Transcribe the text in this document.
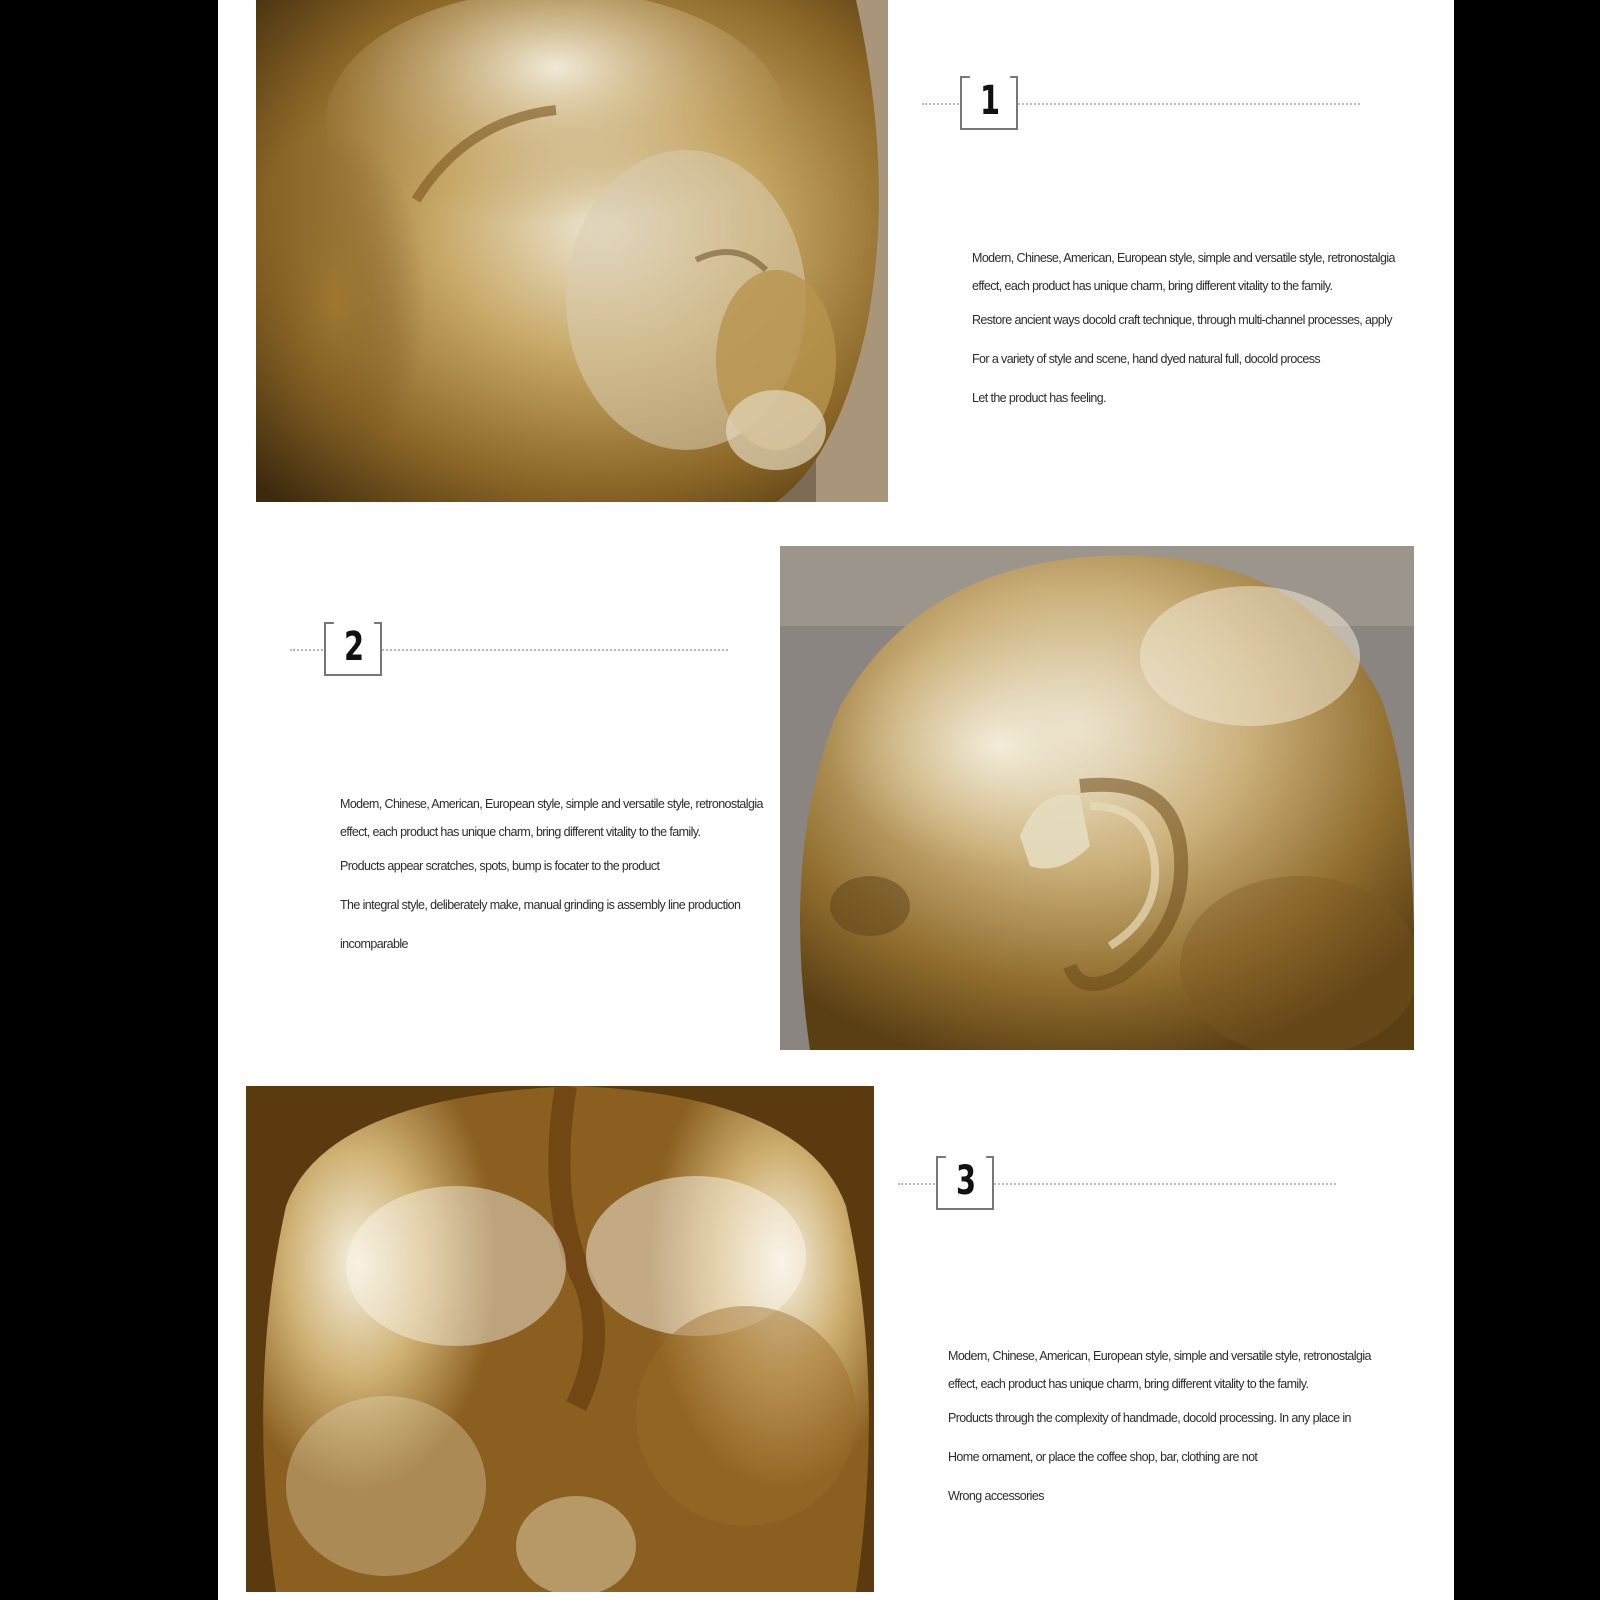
1

Modern, Chinese, American, European style, simple and versatile style, retronostalgia

effect, each product has unique charm, bring different vitality to the family.

Restore ancient ways docold craft technique, through multi-channel processes, apply

For a variety of style and scene, hand dyed natural full, docold process

Let the product has feeling.

2

Modern, Chinese, American, European style, simple and versatile style, retronostalgia

effect, each product has unique charm, bring different vitality to the family.

Products appear scratches, spots, bump is focater to the product

The integral style, deliberately make, manual grinding is assembly line production

incomparable

3

Modern, Chinese, American, European style, simple and versatile style, retronostalgia

effect, each product has unique charm, bring different vitality to the family.

Products through the complexity of handmade, docold processing. In any place in

Home ornament, or place the coffee shop, bar, clothing are not

Wrong accessories
